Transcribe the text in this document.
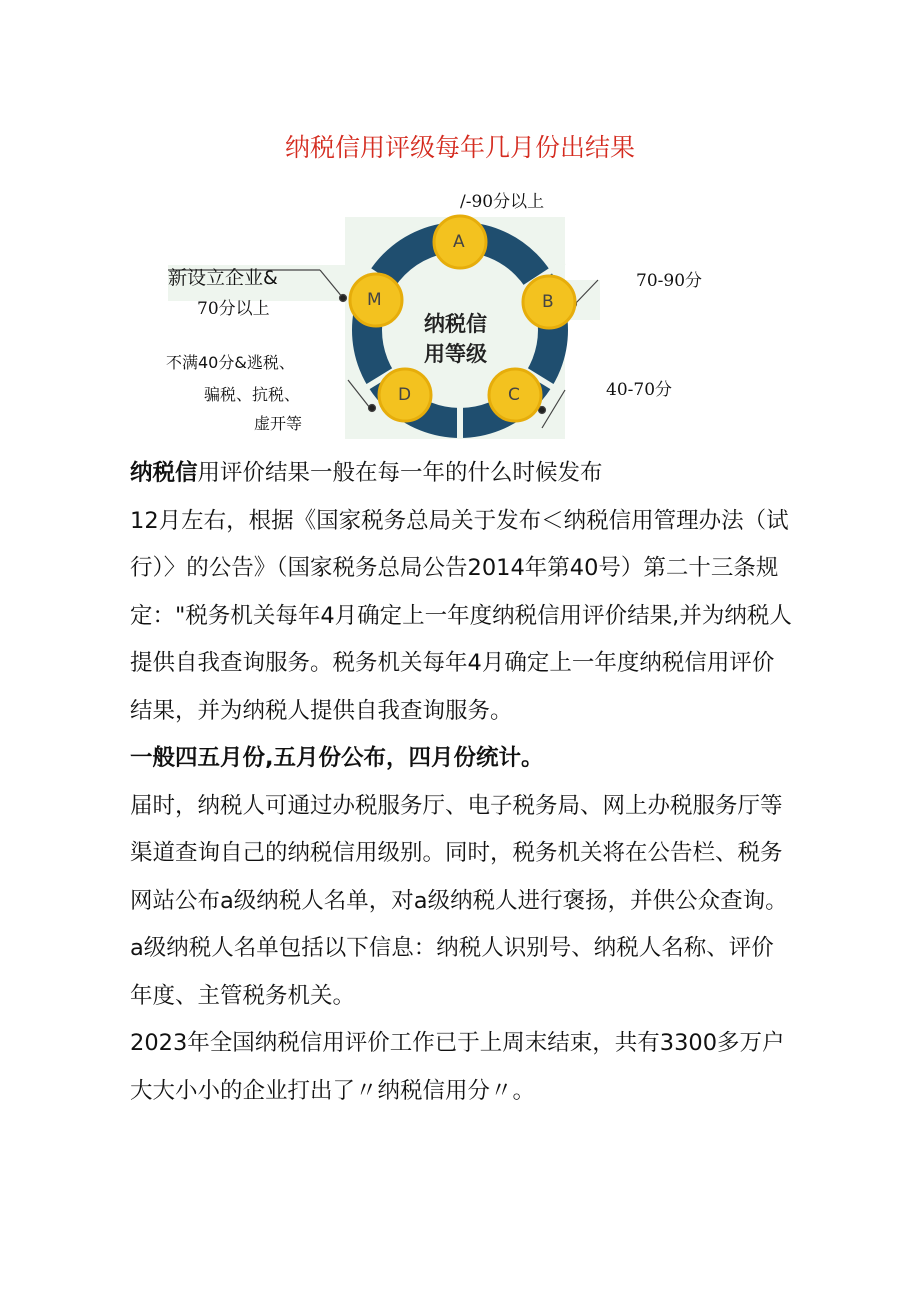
纳税信用评级每年几月份出结果
A
B
C
D
M
纳税信
用等级
/-90分以上
70-90分
40-70分
新设立企业&
70分以上
不满40分&逃税、
骗税、抗税、
虚开等

纳税信用评价结果一般在每一年的什么时候发布

12月左右，根据《国家税务总局关于发布＜纳税信用管理办法（试行）〉的公告》（国家税务总局公告2014年第40号）第二十三条规定："税务机关每年4月确定上一年度纳税信用评价结果,并为纳税人提供自我查询服务。税务机关每年4月确定上一年度纳税信用评价结果，并为纳税人提供自我查询服务。

一般四五月份,五月份公布，四月份统计。

届时，纳税人可通过办税服务厅、电子税务局、网上办税服务厅等渠道查询自己的纳税信用级别。同时，税务机关将在公告栏、税务网站公布a级纳税人名单，对a级纳税人进行褒扬，并供公众查询。a级纳税人名单包括以下信息：纳税人识别号、纳税人名称、评价年度、主管税务机关。

2023年全国纳税信用评价工作已于上周末结束，共有3300多万户大大小小的企业打出了〃纳税信用分〃。
